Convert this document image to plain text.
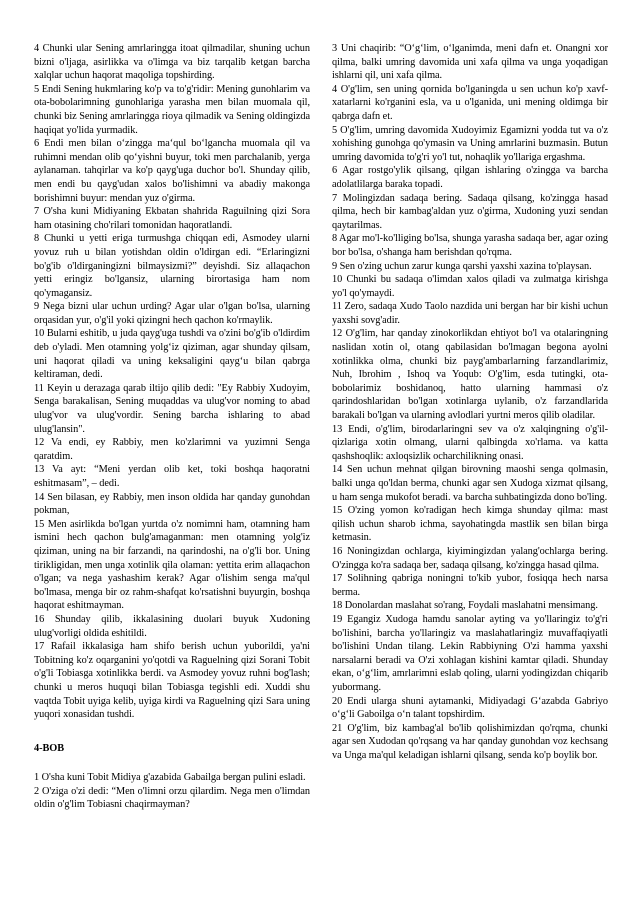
4 Chunki ular Sening amrlaringga itoat qilmadilar, shuning uchun bizni o'ljaga, asirlikka va o'limga va biz tarqalib ketgan barcha xalqlar uchun haqorat maqoliga topshirding.

5 Endi Sening hukmlaring ko'p va to'g'ridir: Mening gunohlarim va ota-bobolarimning gunohlariga yarasha men bilan muomala qil, chunki biz Sening amrlaringga rioya qilmadik va Sening oldingizda haqiqat yo'lida yurmadik.

6 Endi men bilan o‘zingga ma‘qul bo‘lgancha muomala qil va ruhimni mendan olib qo‘yishni buyur, toki men parchalanib, yerga aylanaman. tahqirlar va ko'p qayg'uga duchor bo'l. Shunday qilib, men endi bu qayg'udan xalos bo'lishimni va abadiy makonga borishimni buyur: mendan yuz o'girma.

7 O'sha kuni Midiyaning Ekbatan shahrida Raguilning qizi Sora ham otasining cho'rilari tomonidan haqoratlandi.

8 Chunki u yetti eriga turmushga chiqqan edi, Asmodey ularni yovuz ruh u bilan yotishdan oldin o'ldirgan edi. “Erlaringizni bo'g'ib o'ldirganingizni bilmaysizmi?” deyishdi. Siz allaqachon yetti eringiz bo'lgansiz, ularning birortasiga ham nom qo'ymagansiz.

9 Nega bizni ular uchun urding? Agar ular o'lgan bo'lsa, ularning orqasidan yur, o'g'il yoki qizingni hech qachon ko'rmaylik.

10 Bularni eshitib, u juda qayg'uga tushdi va o'zini bo'g'ib o'ldirdim deb o'yladi. Men otamning yolg‘iz qiziman, agar shunday qilsam, uni haqorat qiladi va uning keksaligini qayg‘u bilan qabrga keltiraman, dedi.

11 Keyin u derazaga qarab iltijo qilib dedi: "Ey Rabbiy Xudoyim, Senga barakalisan, Sening muqaddas va ulug'vor noming to abad ulug'vor va ulug'vordir. Sening barcha ishlaring to abad ulug'lansin".

12 Va endi, ey Rabbiy, men ko'zlarimni va yuzimni Senga qaratdim.

13 Va ayt: “Meni yerdan olib ket, toki boshqa haqoratni eshitmasam”, – dedi.

14 Sen bilasan, ey Rabbiy, men inson oldida har qanday gunohdan pokman,

15 Men asirlikda bo'lgan yurtda o'z nomimni ham, otamning ham ismini hech qachon bulg'amaganman: men otamning yolg'iz qiziman, uning na bir farzandi, na qarindoshi, na o'g'li bor. Uning tirikligidan, men unga xotinlik qila olaman: yettita erim allaqachon o'lgan; va nega yashashim kerak? Agar o'lishim senga ma'qul bo'lmasa, menga bir oz rahm-shafqat ko'rsatishni buyurgin, boshqa haqorat eshitmayman.

16 Shunday qilib, ikkalasining duolari buyuk Xudoning ulug'vorligi oldida eshitildi.

17 Rafail ikkalasiga ham shifo berish uchun yuborildi, ya'ni Tobitning ko'z oqarganini yo'qotdi va Raguelning qizi Sorani Tobit o'g'li Tobiasga xotinlikka berdi. va Asmodey yovuz ruhni bog'lash; chunki u meros huquqi bilan Tobiasga tegishli edi. Xuddi shu vaqtda Tobit uyiga kelib, uyiga kirdi va Raguelning qizi Sara uning yuqori xonasidan tushdi.

4-BOB

1 O'sha kuni Tobit Midiya g'azabida Gabailga bergan pulini esladi.

2 O'ziga o'zi dedi: “Men o'limni orzu qilardim. Nega men o'limdan oldin o'g'lim Tobiasni chaqirmayman?

3 Uni chaqirib: “O‘g‘lim, o‘lganimda, meni dafn et. Onangni xor qilma, balki umring davomida uni xafa qilma va unga yoqadigan ishlarni qil, uni xafa qilma.

4 O'g'lim, sen uning qornida bo'lganingda u sen uchun ko'p xavf-xatarlarni ko'rganini esla, va u o'lganida, uni mening oldimga bir qabrga dafn et.

5 O'g'lim, umring davomida Xudoyimiz Egamizni yodda tut va o'z xohishing gunohga qo'ymasin va Uning amrlarini buzmasin. Butun umring davomida to'g'ri yo'l tut, nohaqlik yo'llariga ergashma.

6 Agar rostgo'ylik qilsang, qilgan ishlaring o'zingga va barcha adolatlilarga baraka topadi.

7 Molingizdan sadaqa bering. Sadaqa qilsang, ko'zingga hasad qilma, hech bir kambag'aldan yuz o'girma, Xudoning yuzi sendan qaytarilmas.

8 Agar mo'l-ko'lliging bo'lsa, shunga yarasha sadaqa ber, agar ozing bor bo'lsa, o'shanga ham berishdan qo'rqma.

9 Sen o'zing uchun zarur kunga qarshi yaxshi xazina to'playsan.

10 Chunki bu sadaqa o'limdan xalos qiladi va zulmatga kirishga yo'l qo'ymaydi.

11 Zero, sadaqa Xudo Taolo nazdida uni bergan har bir kishi uchun yaxshi sovg'adir.

12 O'g'lim, har qanday zinokorlikdan ehtiyot bo'l va otalaringning naslidan xotin ol, otang qabilasidan bo'lmagan begona ayolni xotinlikka olma, chunki biz payg'ambarlarning farzandlarimiz, Nuh, Ibrohim , Ishoq va Yoqub: O'g'lim, esda tutingki, ota-bobolarimiz boshidanoq, hatto ularning hammasi o'z qarindoshlaridan bo'lgan xotinlarga uylanib, o'z farzandlarida barakali bo'lgan va ularning avlodlari yurtni meros qilib oladilar.

13 Endi, o'g'lim, birodarlaringni sev va o'z xalqingning o'g'il-qizlariga xotin olmang, ularni qalbingda xo'rlama. va katta qashshoqlik: axloqsizlik ocharchilikning onasi.

14 Sen uchun mehnat qilgan birovning maoshi senga qolmasin, balki unga qo'ldan berma, chunki agar sen Xudoga xizmat qilsang, u ham senga mukofot beradi. va barcha suhbatingizda dono bo'ling.

15 O'zing yomon ko'radigan hech kimga shunday qilma: mast qilish uchun sharob ichma, sayohatingda mastlik sen bilan birga ketmasin.

16 Noningizdan ochlarga, kiyimingizdan yalang'ochlarga bering. O'zingga ko'ra sadaqa ber, sadaqa qilsang, ko'zingga hasad qilma.

17 Solihning qabriga noningni to'kib yubor, fosiqqa hech narsa berma.

18 Donolardan maslahat so'rang, Foydali maslahatni mensimang.

19 Egangiz Xudoga hamdu sanolar ayting va yo'llaringiz to'g'ri bo'lishini, barcha yo'llaringiz va maslahatlaringiz muvaffaqiyatli bo'lishini Undan tilang. Lekin Rabbiyning O'zi hamma yaxshi narsalarni beradi va O'zi xohlagan kishini kamtar qiladi. Shunday ekan, o‘g‘lim, amrlarimni eslab qoling, ularni yodingizdan chiqarib yubormang.

20 Endi ularga shuni aytamanki, Midiyadagi G‘azabda Gabriyo o‘g‘li Gaboilga o‘n talant topshirdim.

21 O'g'lim, biz kambag'al bo'lib qolishimizdan qo'rqma, chunki agar sen Xudodan qo'rqsang va har qanday gunohdan voz kechsang va Unga ma'qul keladigan ishlarni qilsang, senda ko'p boylik bor.
